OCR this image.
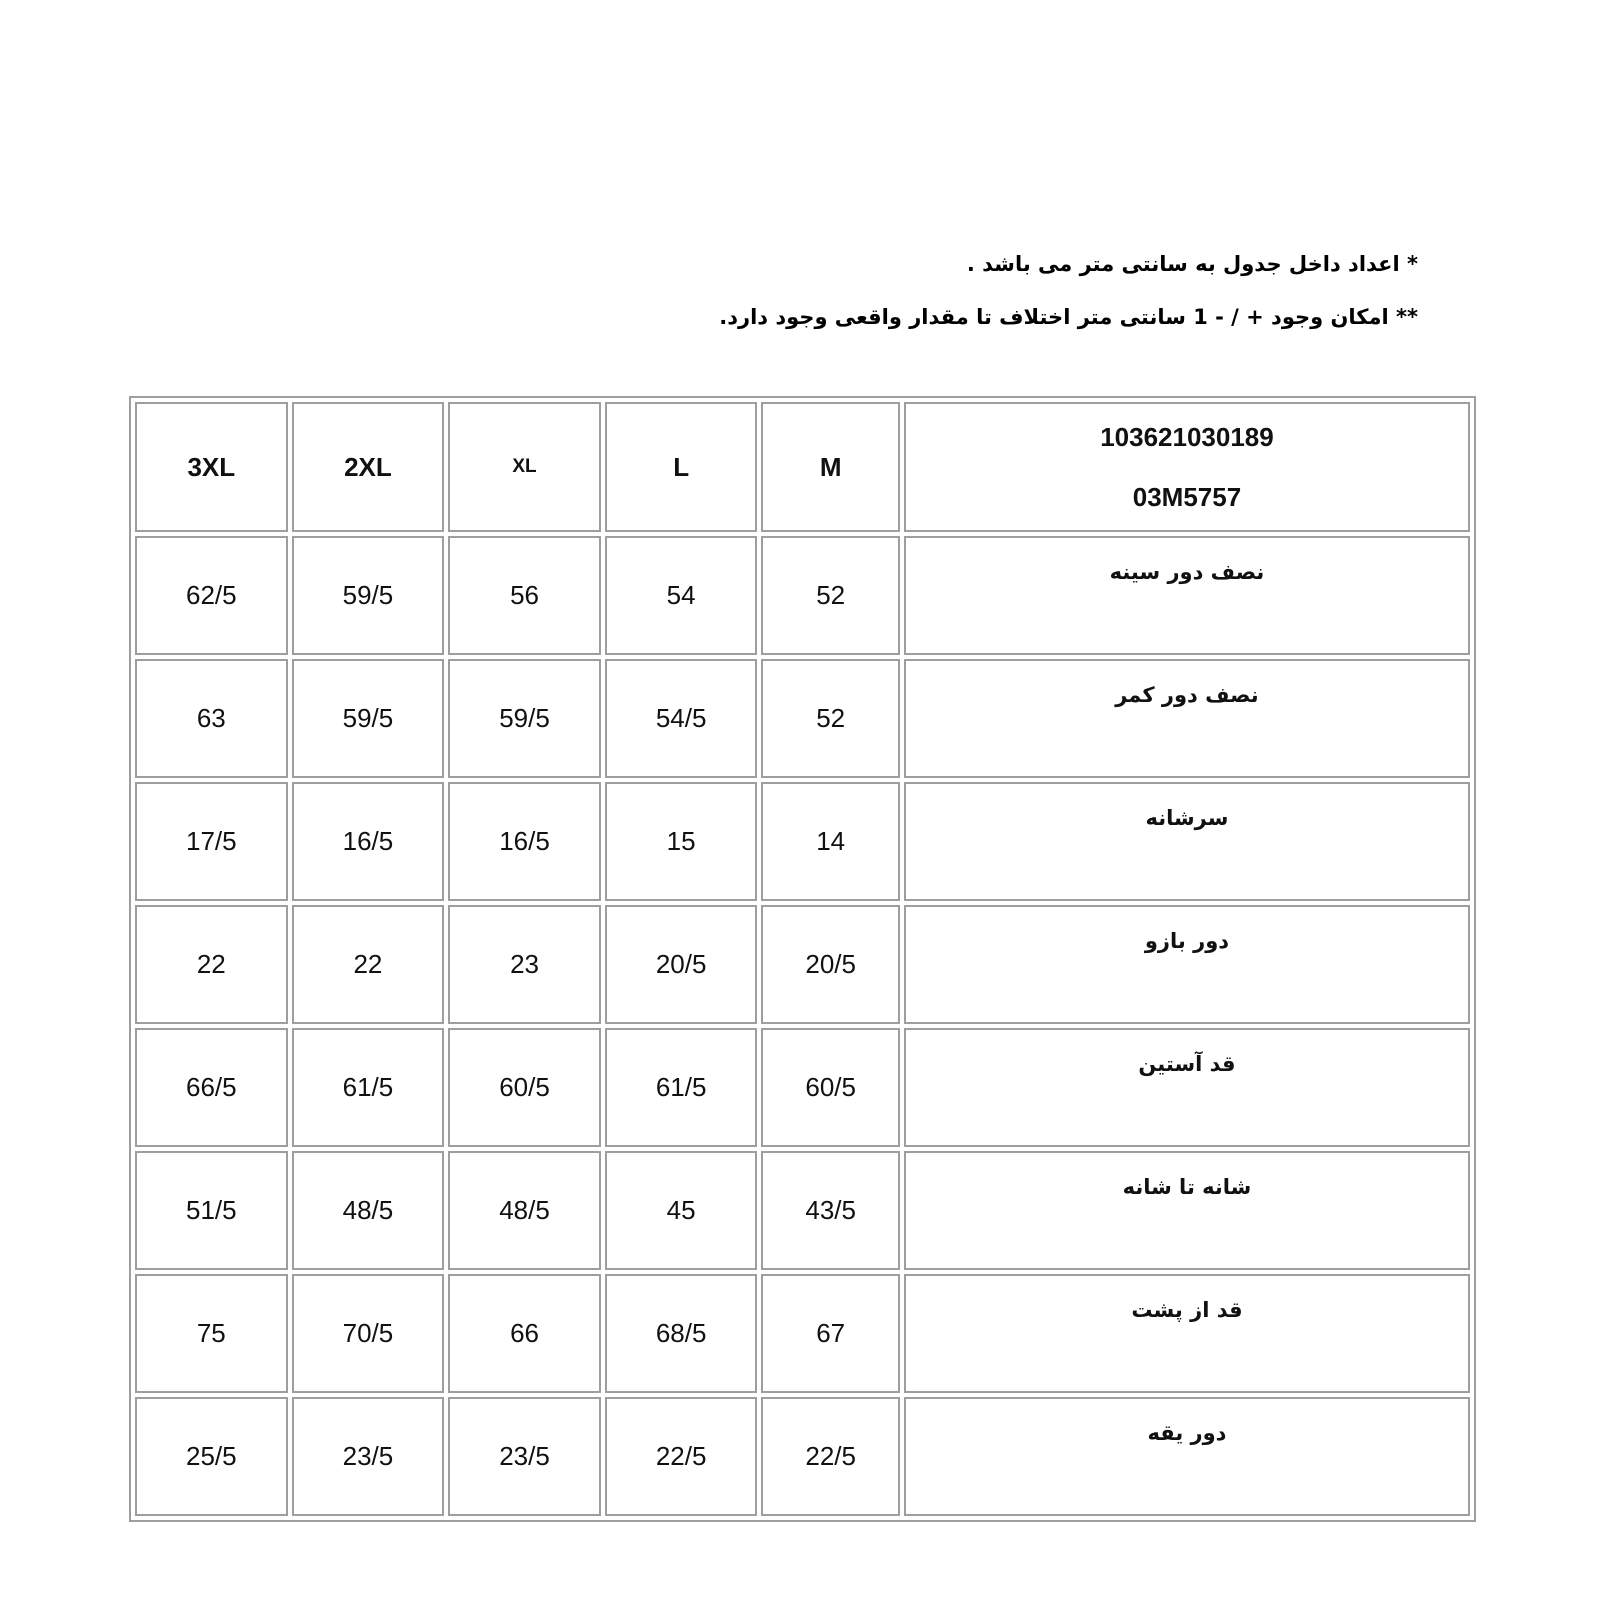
* اعداد داخل جدول به سانتی متر می باشد .
** امکان وجود + / - 1 سانتی متر اختلاف تا مقدار واقعی وجود دارد.
3XL	2XL	XL	L	M	103621030189
03M5757

62/5	59/5	56	54	52	نصف دور سینه
63	59/5	59/5	54/5	52	نصف دور کمر
17/5	16/5	16/5	15	14	سرشانه
22	22	23	20/5	20/5	دور بازو
66/5	61/5	60/5	61/5	60/5	قد آستین
51/5	48/5	48/5	45	43/5	شانه تا شانه
75	70/5	66	68/5	67	قد از پشت
25/5	23/5	23/5	22/5	22/5	دور یقه
